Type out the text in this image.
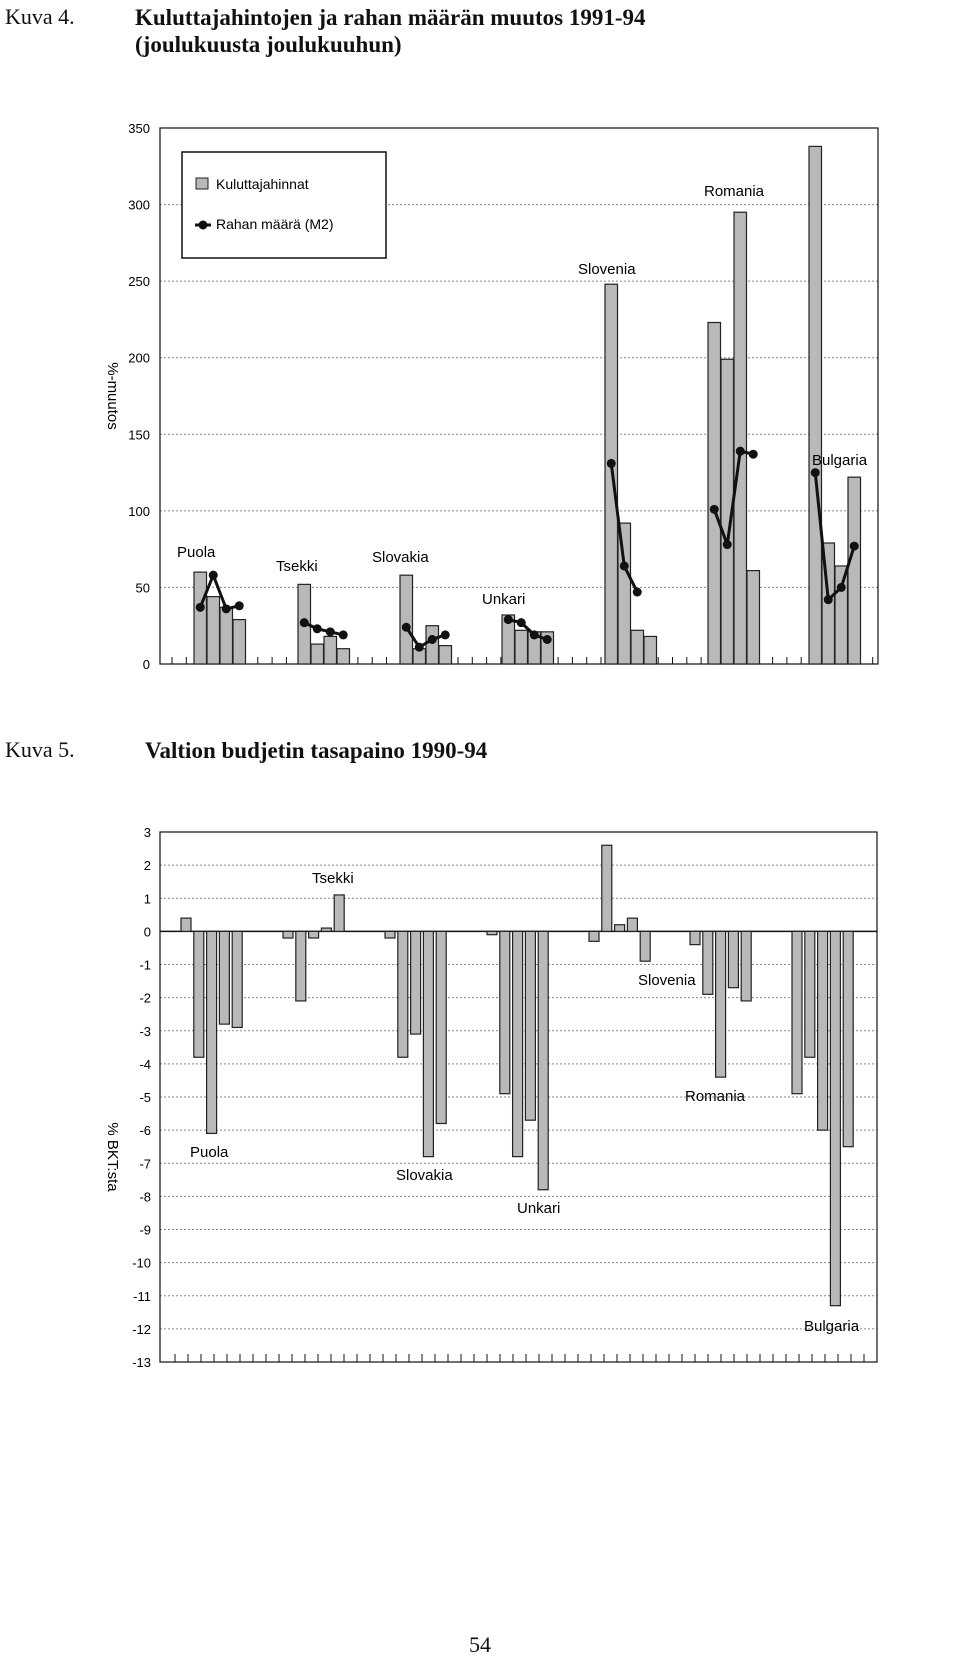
Kuva 4.	Kuluttajahintojen ja rahan määrän muutos 1991-94
(joulukuusta joulukuuhun)
Kuva 5.	Valtion budjetin tasapaino 1990-94
0
50
100
150
200
250
300
350
%-muutos
Puola
Tsekki
Slovakia
Unkari
Slovenia
Romania
Bulgaria
Kuluttajahinnat
Rahan määrä (M2)
3
2
1
0
-1
-2
-3
-4
-5
-6
-7
-8
-9
-10
-11
-12
-13
% BKT:sta	Puola
Tsekki
Slovakia
Unkari
Slovenia
Romania
Bulgaria
54
